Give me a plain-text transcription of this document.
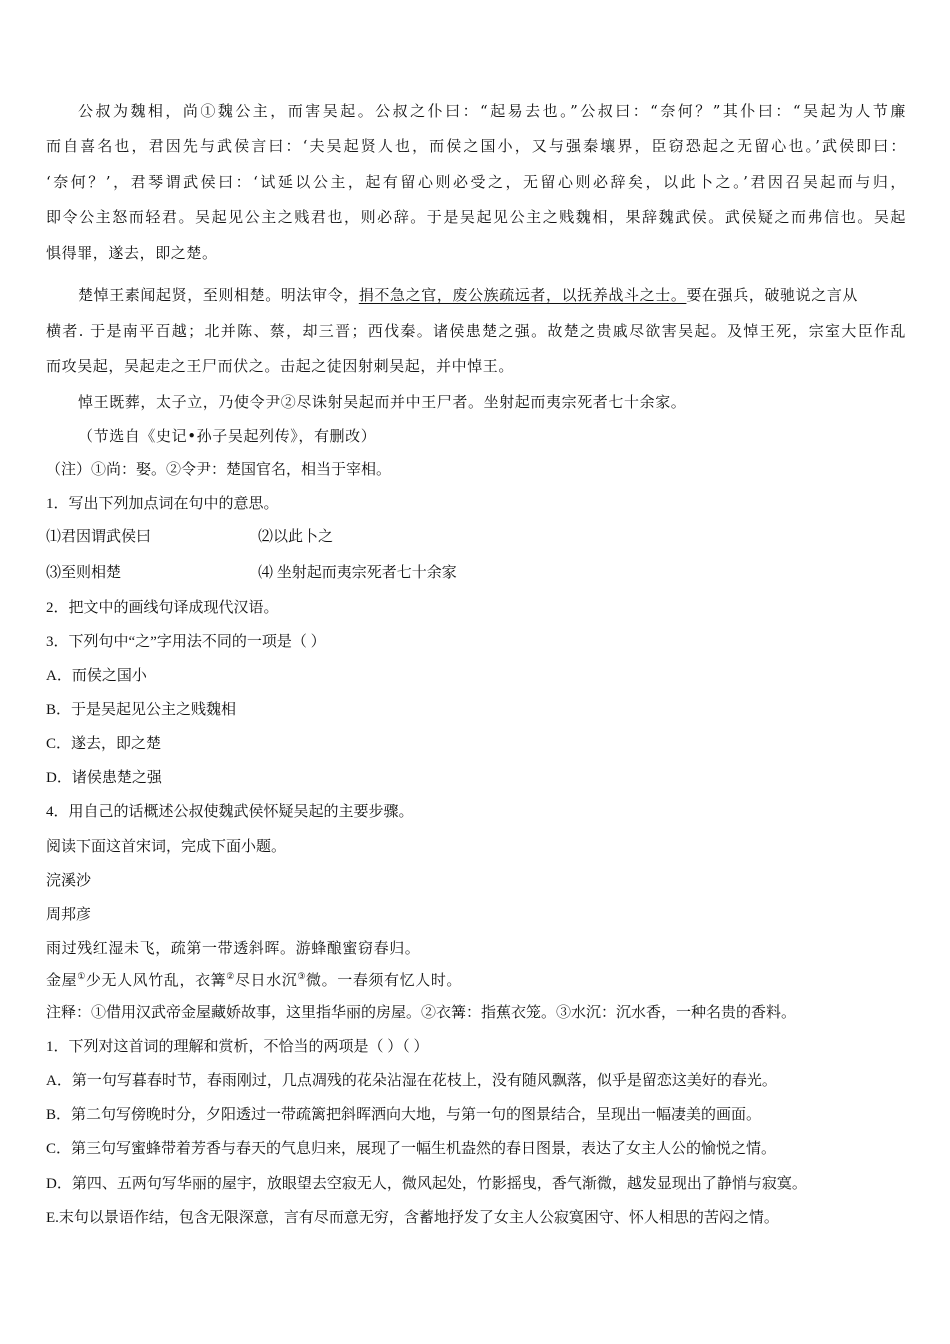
公叔为魏相，尚①魏公主，而害吴起。公叔之仆曰：“起易去也。”公叔曰：“奈何？”其仆曰：“吴起为人节廉
而自喜名也，君因先与武侯言曰：‘夫吴起贤人也，而侯之国小，又与强秦壤界，臣窃恐起之无留心也。’武侯即曰：
‘奈何？’，君琴谓武侯曰：‘试延以公主，起有留心则必受之，无留心则必辞矣，以此卜之。’君因召吴起而与归，
即令公主怒而轻君。吴起见公主之贱君也，则必辞。于是吴起见公主之贱魏相，果辞魏武侯。武侯疑之而弗信也。吴起
惧得罪，遂去，即之楚。
楚悼王素闻起贤，至则相楚。明法审令，捐不急之官，废公族疏远者，以抚养战斗之士。要在强兵，破驰说之言从
横者. 于是南平百越；北并陈、蔡，却三晋；西伐秦。诸侯患楚之强。故楚之贵戚尽欲害吴起。及悼王死，宗室大臣作乱
而攻吴起，吴起走之王尸而伏之。击起之徒因射刺吴起，并中悼王。
悼王既葬，太子立，乃使令尹②尽诛射吴起而并中王尸者。坐射起而夷宗死者七十余家。
（节选自《史记•孙子吴起列传》，有删改）
（注）①尚：娶。②令尹：楚国官名，相当于宰相。
1．写出下列加点词在句中的意思。
⑴君因谓武侯曰	⑵以此卜之
⑶至则相楚	⑷ 坐射起而夷宗死者七十余家
2．把文中的画线句译成现代汉语。
3．下列句中“之”字用法不同的一项是（ ）
A．而侯之国小
B．于是吴起见公主之贱魏相
C．遂去，即之楚
D．诸侯患楚之强
4．用自己的话概述公叔使魏武侯怀疑吴起的主要步骤。
阅读下面这首宋词，完成下面小题。
浣溪沙
周邦彦
雨过残红湿未飞，疏第一带透斜晖。游蜂酿蜜窃春归。
金屋①少无人风竹乱，衣篝②尽日水沉③微。一春须有忆人时。
注释：①借用汉武帝金屋藏娇故事，这里指华丽的房屋。②衣篝：指蕉衣笼。③水沉：沉水香，一种名贵的香料。
1．下列对这首词的理解和赏析，不恰当的两项是（ ）（ ）
A．第一句写暮春时节，春雨刚过，几点凋残的花朵沾湿在花枝上，没有随风飘落，似乎是留恋这美好的春光。
B．第二句写傍晚时分，夕阳透过一带疏篱把斜晖洒向大地，与第一句的图景结合，呈现出一幅凄美的画面。
C．第三句写蜜蜂带着芳香与春天的气息归来，展现了一幅生机盎然的春日图景，表达了女主人公的愉悦之情。
D．第四、五两句写华丽的屋宇，放眼望去空寂无人，微风起处，竹影摇曳，香气渐微，越发显现出了静悄与寂寞。
E.末句以景语作结，包含无限深意，言有尽而意无穷，含蓄地抒发了女主人公寂寞困守、怀人相思的苦闷之情。
